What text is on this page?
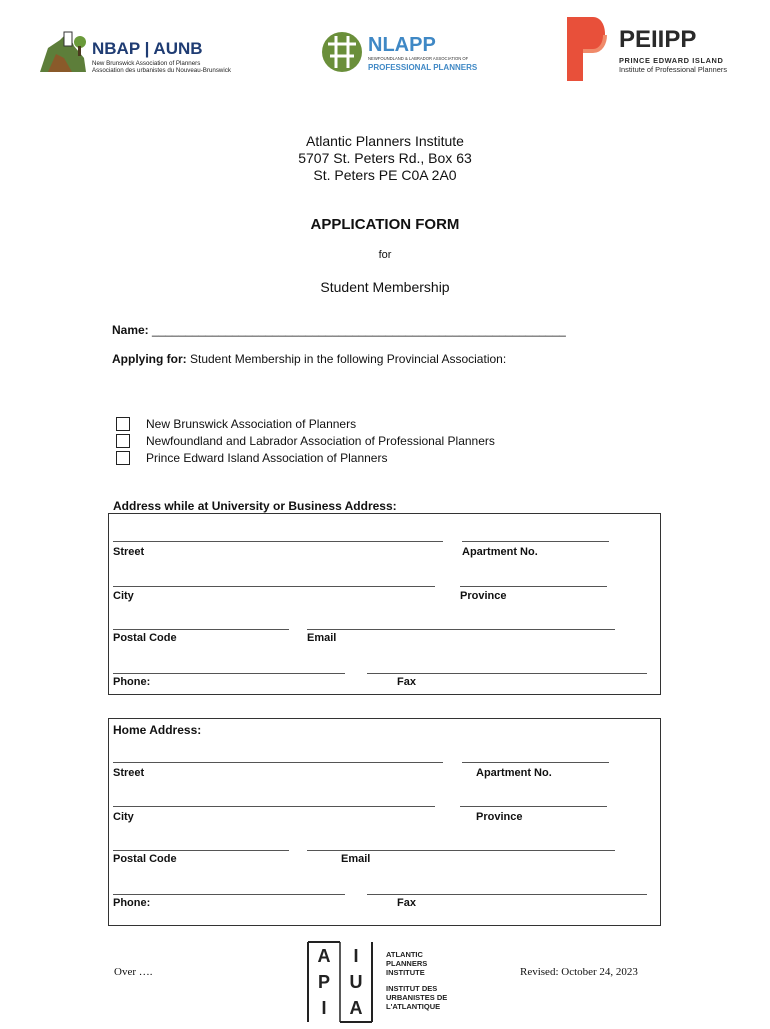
NBAP | AUNB
New Brunswick Association of Planners
Association des urbanistes du Nouveau-Brunswick
NLAPP
NEWFOUNDLAND & LABRADOR ASSOCIATION OF
PROFESSIONAL PLANNERS
PEIIPP
PRINCE EDWARD ISLAND
Institute of Professional Planners
Atlantic Planners Institute
5707 St. Peters Rd., Box 63
St. Peters PE C0A 2A0
APPLICATION FORM
for
Student Membership
Name: ______________________________________________________________
Applying for: Student Membership in the following Provincial Association:
New Brunswick Association of Planners
Newfoundland and Labrador Association of Professional Planners
Prince Edward Island Association of Planners
Address while at University or Business Address:
Street	Apartment No.
City	Province
Postal Code	Email
Phone:	Fax
Home Address:
Street	Apartment No.
City	Province
Postal Code	Email
Phone:	Fax
Over ….
A I
P U
I A
ATLANTIC
PLANNERS
INSTITUTE
INSTITUT DES
URBANISTES DE
L'ATLANTIQUE
Revised: October 24, 2023
